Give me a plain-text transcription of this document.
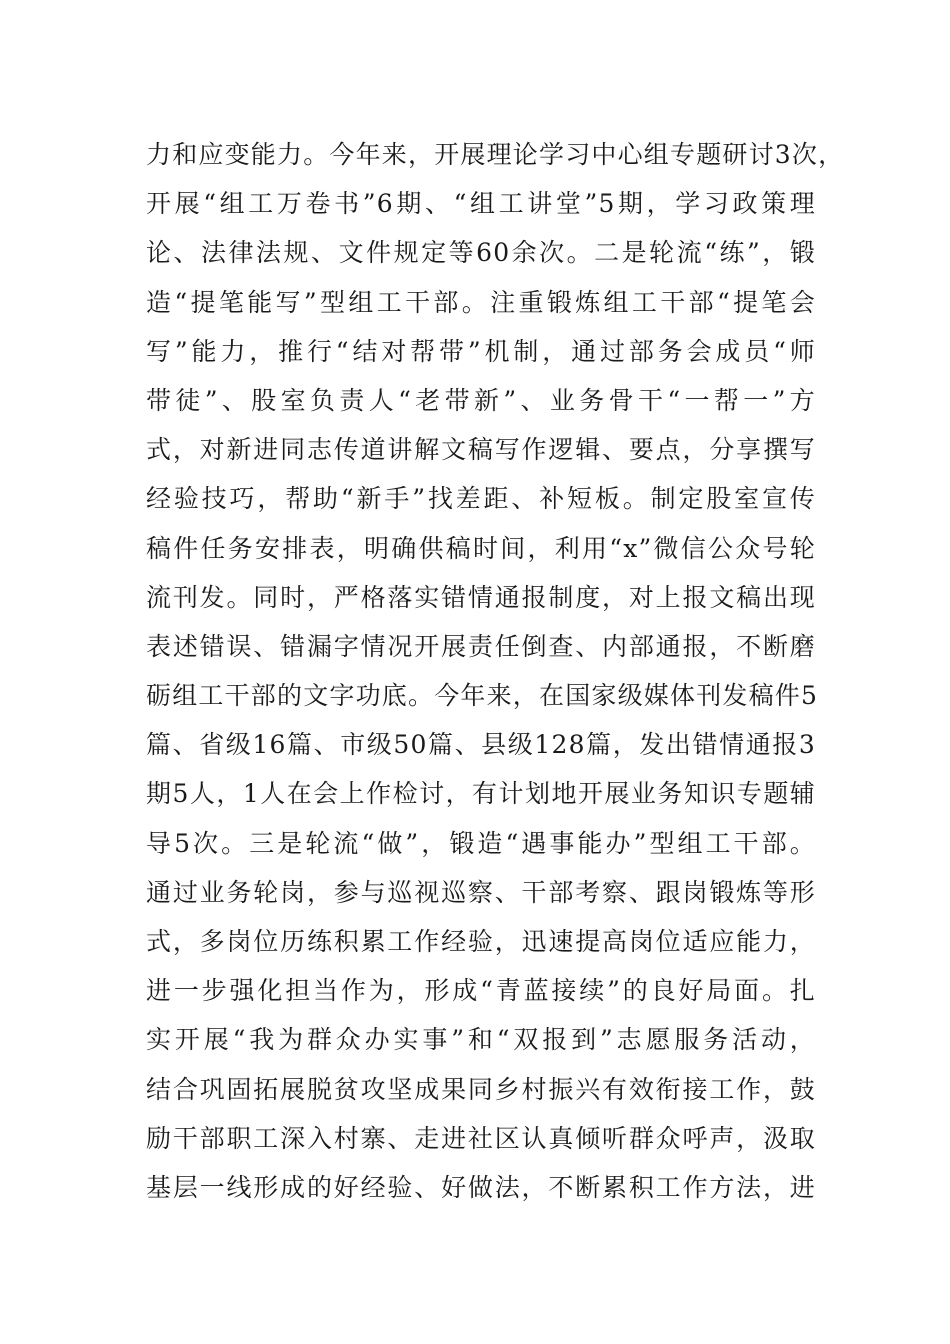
力和应变能力。今年来，开展理论学习中心组专题研讨3次，
开展“组工万卷书”6期、“组工讲堂”5期，学习政策理
论、法律法规、文件规定等60余次。二是轮流“练”，锻
造“提笔能写”型组工干部。注重锻炼组工干部“提笔会
写”能力，推行“结对帮带”机制，通过部务会成员“师
带徒”、股室负责人“老带新”、业务骨干“一帮一”方
式，对新进同志传道讲解文稿写作逻辑、要点，分享撰写
经验技巧，帮助“新手”找差距、补短板。制定股室宣传
稿件任务安排表，明确供稿时间，利用“x”微信公众号轮
流刊发。同时，严格落实错情通报制度，对上报文稿出现
表述错误、错漏字情况开展责任倒查、内部通报，不断磨
砺组工干部的文字功底。今年来，在国家级媒体刊发稿件5
篇、省级16篇、市级50篇、县级128篇，发出错情通报3
期5人，1人在会上作检讨，有计划地开展业务知识专题辅
导5次。三是轮流“做”，锻造“遇事能办”型组工干部。
通过业务轮岗，参与巡视巡察、干部考察、跟岗锻炼等形
式，多岗位历练积累工作经验，迅速提高岗位适应能力，
进一步强化担当作为，形成“青蓝接续”的良好局面。扎
实开展“我为群众办实事”和“双报到”志愿服务活动，
结合巩固拓展脱贫攻坚成果同乡村振兴有效衔接工作，鼓
励干部职工深入村寨、走进社区认真倾听群众呼声，汲取
基层一线形成的好经验、好做法，不断累积工作方法，进
